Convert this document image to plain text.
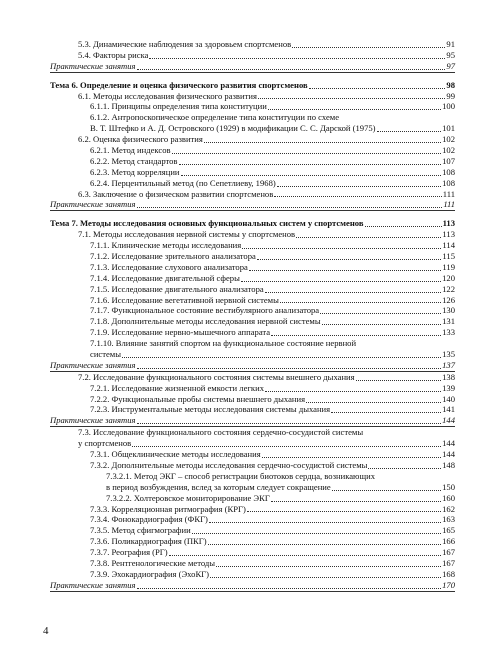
5.3. Динамические наблюдения за здоровьем спортсменов	91
5.4. Факторы риска	95
Практические занятия	97
Тема 6. Определение и оценка физического развития спортсменов	98
6.1. Методы исследования физического развития	99
6.1.1. Принципы определения типа конституции	100
6.1.2. Антропоскопическое определение типа конституции по схеме
В. Т. Штефко и А. Д. Островского (1929) в модификации С. С. Дарской (1975)	101
6.2. Оценка физического развития	102
6.2.1. Метод индексов	102
6.2.2. Метод стандартов	107
6.2.3. Метод корреляции	108
6.2.4. Перцентильный метод (по Сепетлиеву, 1968)	108
6.3. Заключение о физическом развитии спортсменов	111
Практические занятия	111
Тема 7. Методы исследования основных функциональных систем у спортсменов	113
7.1. Методы исследования нервной системы у спортсменов	113
7.1.1. Клинические методы исследования	114
7.1.2. Исследование зрительного анализатора	115
7.1.3. Исследование слухового анализатора	119
7.1.4. Исследование двигательной сферы	120
7.1.5. Исследование двигательного анализатора	122
7.1.6. Исследование вегетативной нервной системы	126
7.1.7. Функциональное состояние вестибулярного анализатора	130
7.1.8. Дополнительные методы исследования нервной системы	131
7.1.9. Исследование нервно-мышечного аппарата	133
7.1.10. Влияние занятий спортом на функциональное состояние нервной
системы	135
Практические занятия	137
7.2. Исследование функционального состояния системы внешнего дыхания	138
7.2.1. Исследование жизненной емкости легких	139
7.2.2. Функциональные пробы системы внешнего дыхания	140
7.2.3. Инструментальные методы исследования системы дыхания	141
Практические занятия	144
7.3. Исследование функционального состояния сердечно-сосудистой системы
у спортсменов	144
7.3.1. Общеклинические методы исследования	144
7.3.2. Дополнительные методы исследования сердечно-сосудистой системы	148
7.3.2.1. Метод ЭКГ – способ регистрации биотоков сердца, возникающих
в период возбуждения, вслед за которым следует сокращение	150
7.3.2.2. Холтеровское мониторирование ЭКГ	160
7.3.3. Корреляционная ритмография (КРГ)	162
7.3.4. Фонокардиография (ФКГ)	163
7.3.5. Метод сфигмографии	165
7.3.6. Поликардиография (ПКГ)	166
7.3.7. Реография (РГ)	167
7.3.8. Рентгенологические методы	167
7.3.9. Эхокардиография (ЭхоКГ)	168
Практические занятия	170
4
